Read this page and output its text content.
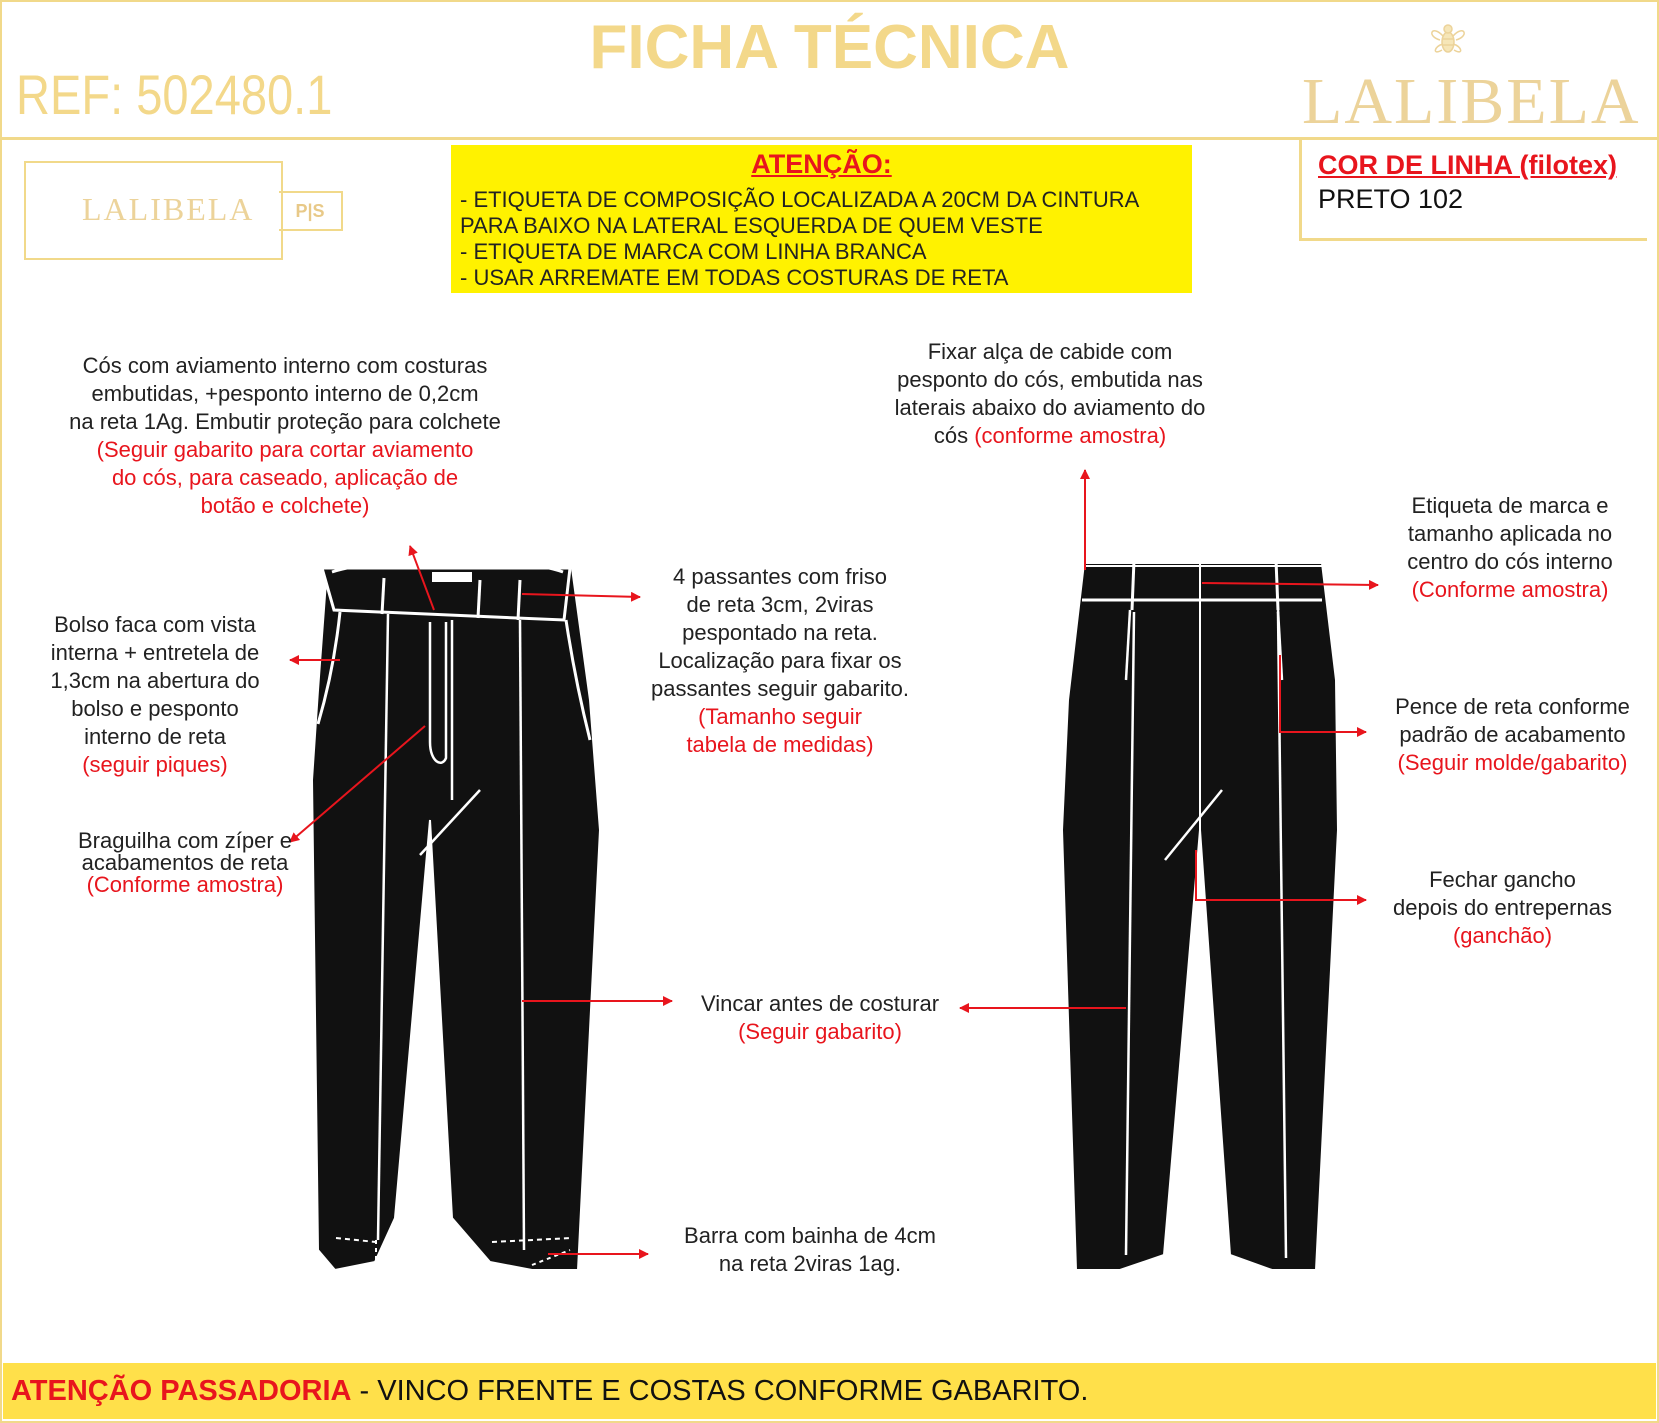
FICHA TÉCNICA
REF: 502480.1	LALIBELA
LALIBELA	P|S
ATENÇÃO:
- ETIQUETA DE COMPOSIÇÃO LOCALIZADA A 20CM DA CINTURA
PARA BAIXO NA LATERAL ESQUERDA DE QUEM VESTE
- ETIQUETA DE MARCA COM LINHA BRANCA
- USAR ARREMATE EM TODAS COSTURAS DE RETA
COR DE LINHA (filotex)
PRETO 102
Cós com aviamento interno com costuras
embutidas, +pesponto interno de 0,2cm
na reta 1Ag. Embutir proteção para colchete
(Seguir gabarito para cortar aviamento
do cós, para caseado, aplicação de
botão e colchete)
Bolso faca com vista
interna + entretela de
1,3cm na abertura do
bolso e pesponto
interno de reta
(seguir piques)
Braguilha com zíper e
acabamentos de reta
(Conforme amostra)
4 passantes com friso
de reta 3cm, 2viras
pespontado na reta.
Localização para fixar os
passantes seguir gabarito.
(Tamanho seguir
tabela de medidas)
Vincar antes de costurar
(Seguir gabarito)
Barra com bainha de 4cm
na reta 2viras 1ag.
Fixar alça de cabide com
pesponto do cós, embutida nas
laterais abaixo do aviamento do
cós (conforme amostra)
Etiqueta de marca e
tamanho aplicada no
centro do cós interno
(Conforme amostra)
Pence de reta conforme
padrão de acabamento
(Seguir molde/gabarito)
Fechar gancho
depois do entrepernas
(ganchão)
ATENÇÃO PASSADORIA - VINCO FRENTE E COSTAS CONFORME GABARITO.
